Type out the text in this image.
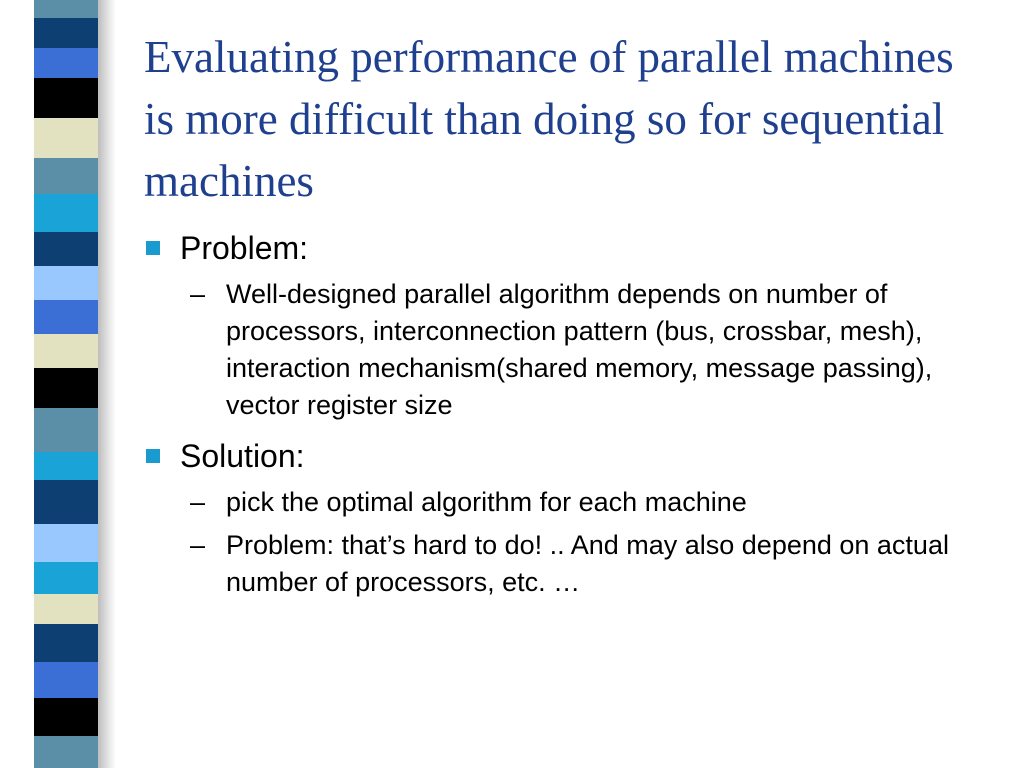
Evaluating performance of parallel machines is more difficult than doing so for sequential machines
Problem:
– Well-designed parallel algorithm depends on number of processors, interconnection pattern (bus, crossbar, mesh), interaction mechanism(shared memory, message passing), vector register size
Solution:
– pick the optimal algorithm for each machine
– Problem: that’s hard to do! .. And may also depend on actual number of processors, etc. …
